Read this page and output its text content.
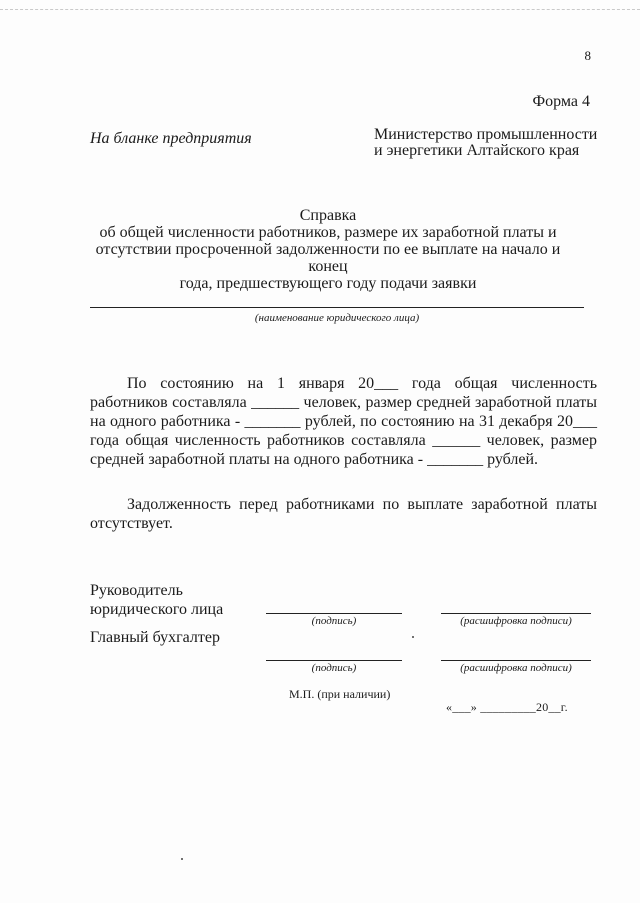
8
Форма 4
На бланке предприятия	Министерство промышленности
и энергетики Алтайского края
Справка
об общей численности работников, размере их заработной платы и
отсутствии просроченной задолженности по ее выплате на начало и конец
года, предшествующего году подачи заявки
(наименование юридического лица)
По состоянию на 1 января 20___ года общая численность работников составляла ______ человек, размер средней заработной платы на одного работника - _______ рублей, по состоянию на 31 декабря 20___ года общая численность работников составляла ______ человек, размер средней заработной платы на одного работника - _______ рублей.
Задолженность перед работниками по выплате заработной платы отсутствует.
Руководитель
юридического лица
(подпись)	(расшифровка подписи)
Главный бухгалтер
(подпись)	(расшифровка подписи)
М.П. (при наличии)
«___» _________20__г.
